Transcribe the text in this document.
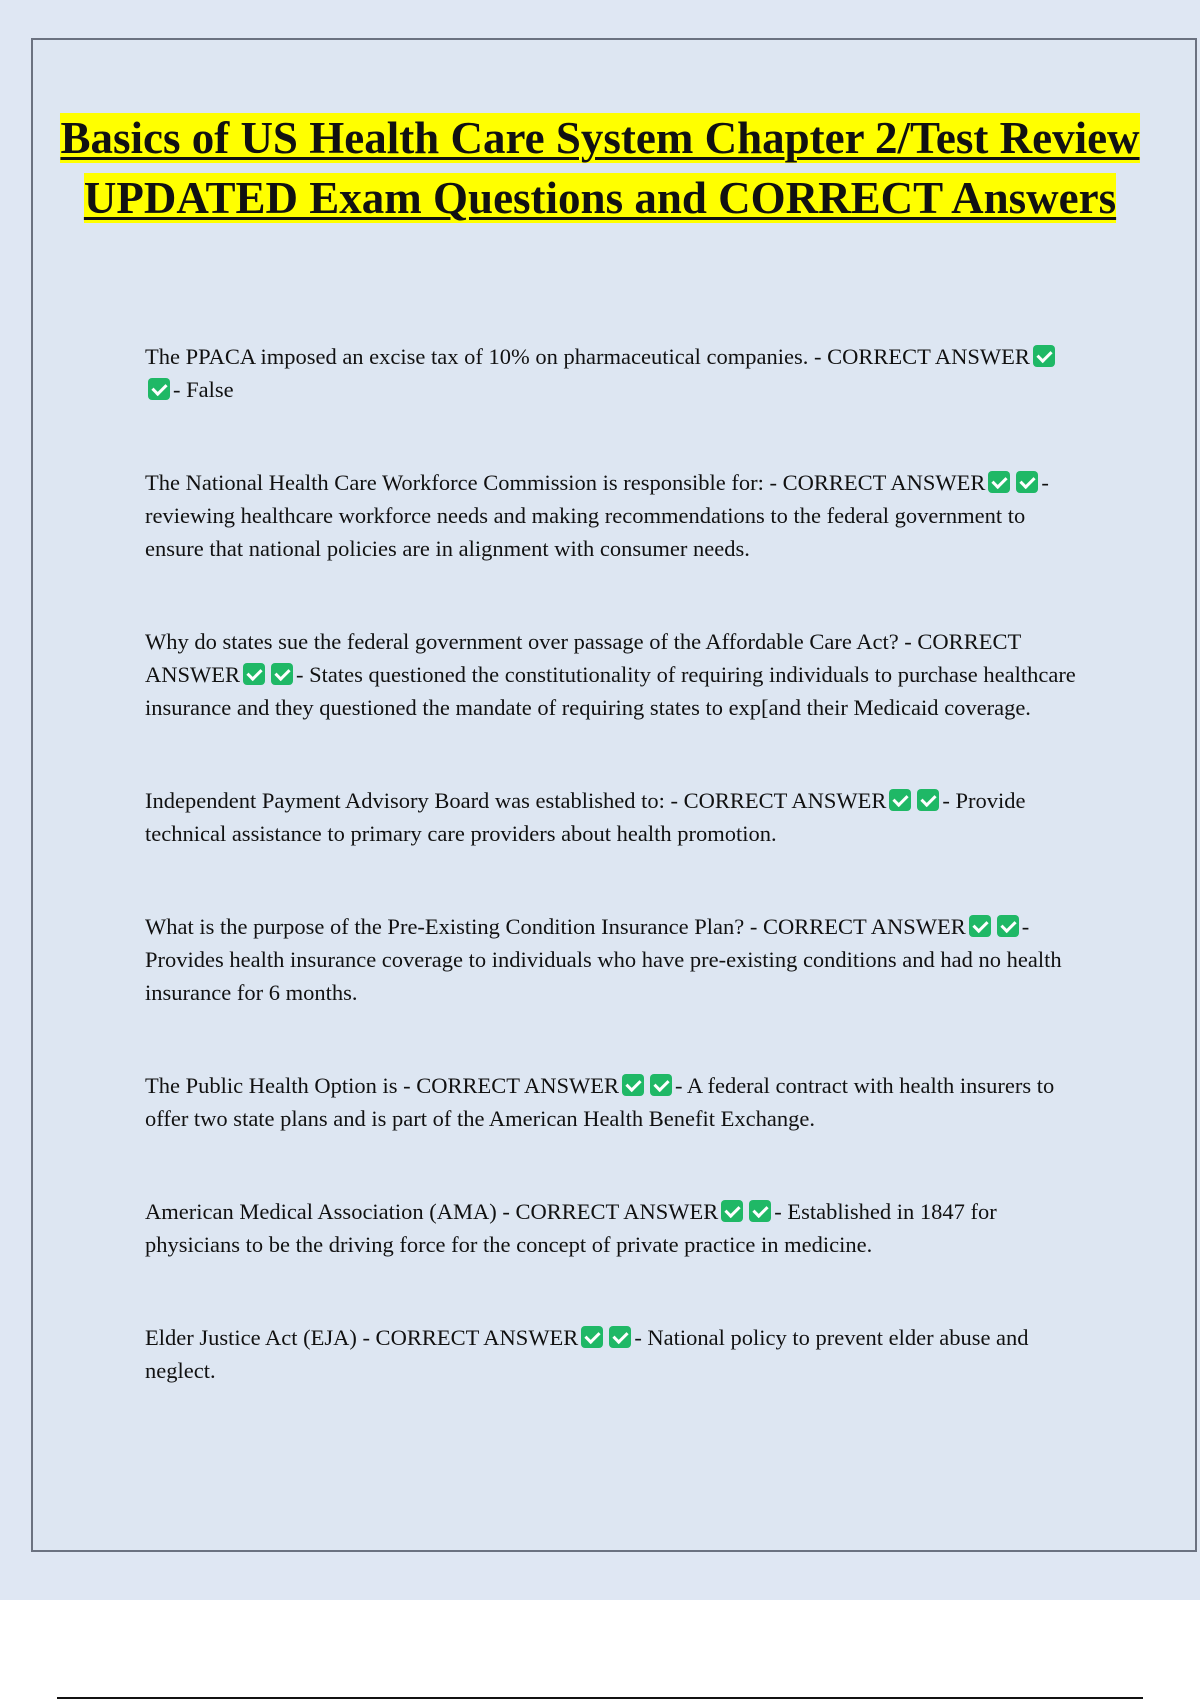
Basics of US Health Care System Chapter 2/Test Review UPDATED Exam Questions and CORRECT Answers

The PPACA imposed an excise tax of 10% on pharmaceutical companies. - CORRECT ANSWER- False

The National Health Care Workforce Commission is responsible for: - CORRECT ANSWER - reviewing healthcare workforce needs and making recommendations to the federal government to ensure that national policies are in alignment with consumer needs.

Why do states sue the federal government over passage of the Affordable Care Act? - CORRECT ANSWER - States questioned the constitutionality of requiring individuals to purchase healthcare insurance and they questioned the mandate of requiring states to exp[and their Medicaid coverage.

Independent Payment Advisory Board was established to: - CORRECT ANSWER - Provide technical assistance to primary care providers about health promotion.

What is the purpose of the Pre-Existing Condition Insurance Plan? - CORRECT ANSWER - Provides health insurance coverage to individuals who have pre-existing conditions and had no health insurance for 6 months.

The Public Health Option is - CORRECT ANSWER - A federal contract with health insurers to offer two state plans and is part of the American Health Benefit Exchange.

American Medical Association (AMA) - CORRECT ANSWER - Established in 1847 for physicians to be the driving force for the concept of private practice in medicine.

Elder Justice Act (EJA) - CORRECT ANSWER - National policy to prevent elder abuse and neglect.
